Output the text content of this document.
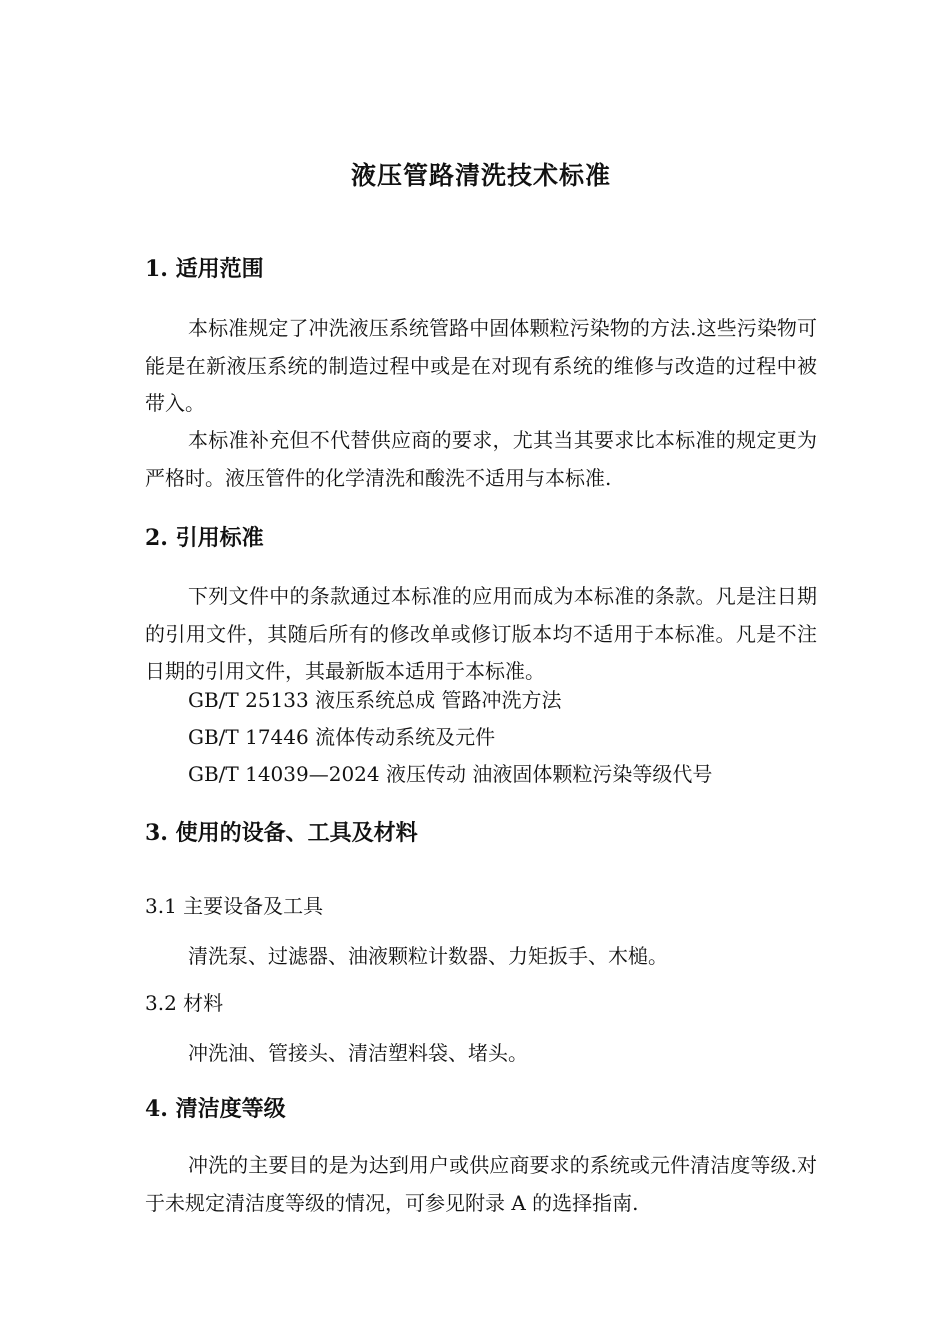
液压管路清洗技术标准
1. 适用范围

本标准规定了冲洗液压系统管路中固体颗粒污染物的方法.这些污染物可能是在新液压系统的制造过程中或是在对现有系统的维修与改造的过程中被带入。

本标准补充但不代替供应商的要求，尤其当其要求比本标准的规定更为严格时。液压管件的化学清洗和酸洗不适用与本标准.

2. 引用标准

下列文件中的条款通过本标准的应用而成为本标准的条款。凡是注日期的引用文件，其随后所有的修改单或修订版本均不适用于本标准。凡是不注日期的引用文件，其最新版本适用于本标准。

GB/T 25133 液压系统总成 管路冲洗方法

GB/T 17446 流体传动系统及元件

GB/T 14039—2024 液压传动 油液固体颗粒污染等级代号

3. 使用的设备、工具及材料

3.1 主要设备及工具

清洗泵、过滤器、油液颗粒计数器、力矩扳手、木槌。

3.2 材料

冲洗油、管接头、清洁塑料袋、堵头。

4. 清洁度等级

冲洗的主要目的是为达到用户或供应商要求的系统或元件清洁度等级.对于未规定清洁度等级的情况，可参见附录 A 的选择指南.
